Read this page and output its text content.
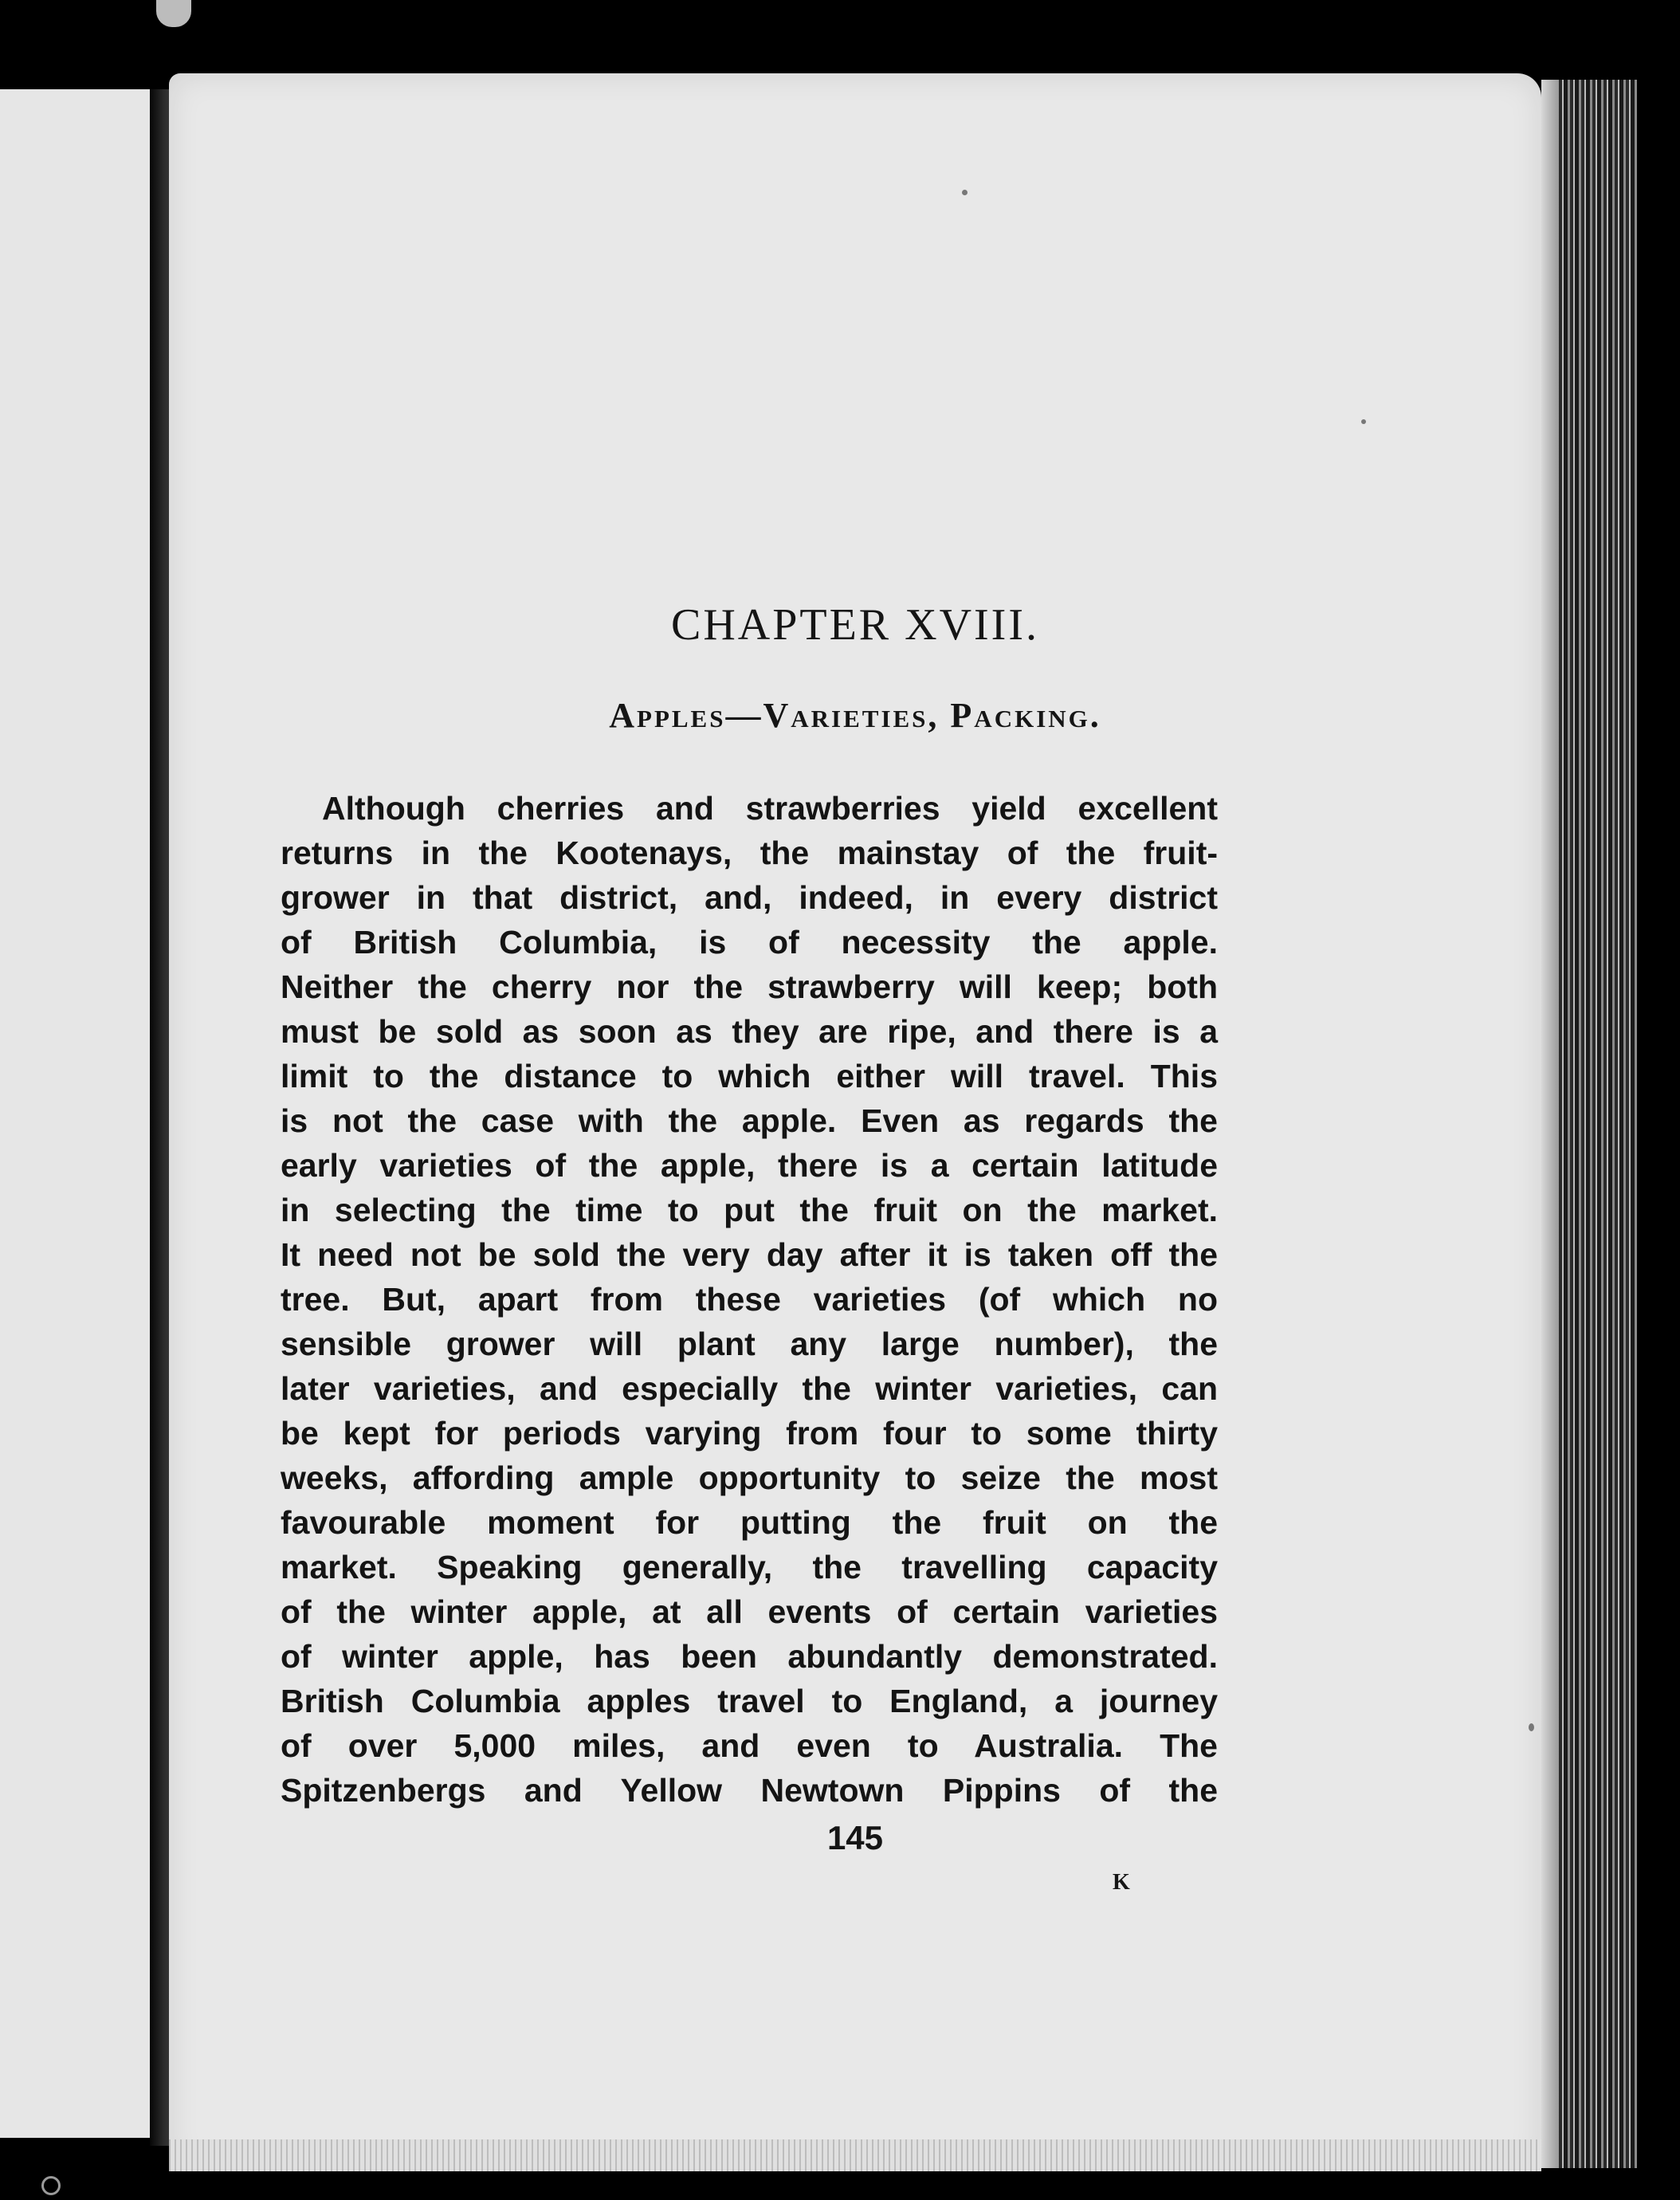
CHAPTER XVIII.
Apples—Varieties, Packing.
Although cherries and strawberries yield excellent
returns in the Kootenays, the mainstay of the fruit-
grower in that district, and, indeed, in every district
of British Columbia, is of necessity the apple.
Neither the cherry nor the strawberry will keep; both
must be sold as soon as they are ripe, and there is a
limit to the distance to which either will travel. This
is not the case with the apple. Even as regards the
early varieties of the apple, there is a certain latitude
in selecting the time to put the fruit on the market.
It need not be sold the very day after it is taken off the
tree. But, apart from these varieties (of which no
sensible grower will plant any large number), the
later varieties, and especially the winter varieties, can
be kept for periods varying from four to some thirty
weeks, affording ample opportunity to seize the most
favourable moment for putting the fruit on the
market. Speaking generally, the travelling capacity
of the winter apple, at all events of certain varieties
of winter apple, has been abundantly demonstrated.
British Columbia apples travel to England, a journey
of over 5,000 miles, and even to Australia. The
Spitzenbergs and Yellow Newtown Pippins of the
145
K
